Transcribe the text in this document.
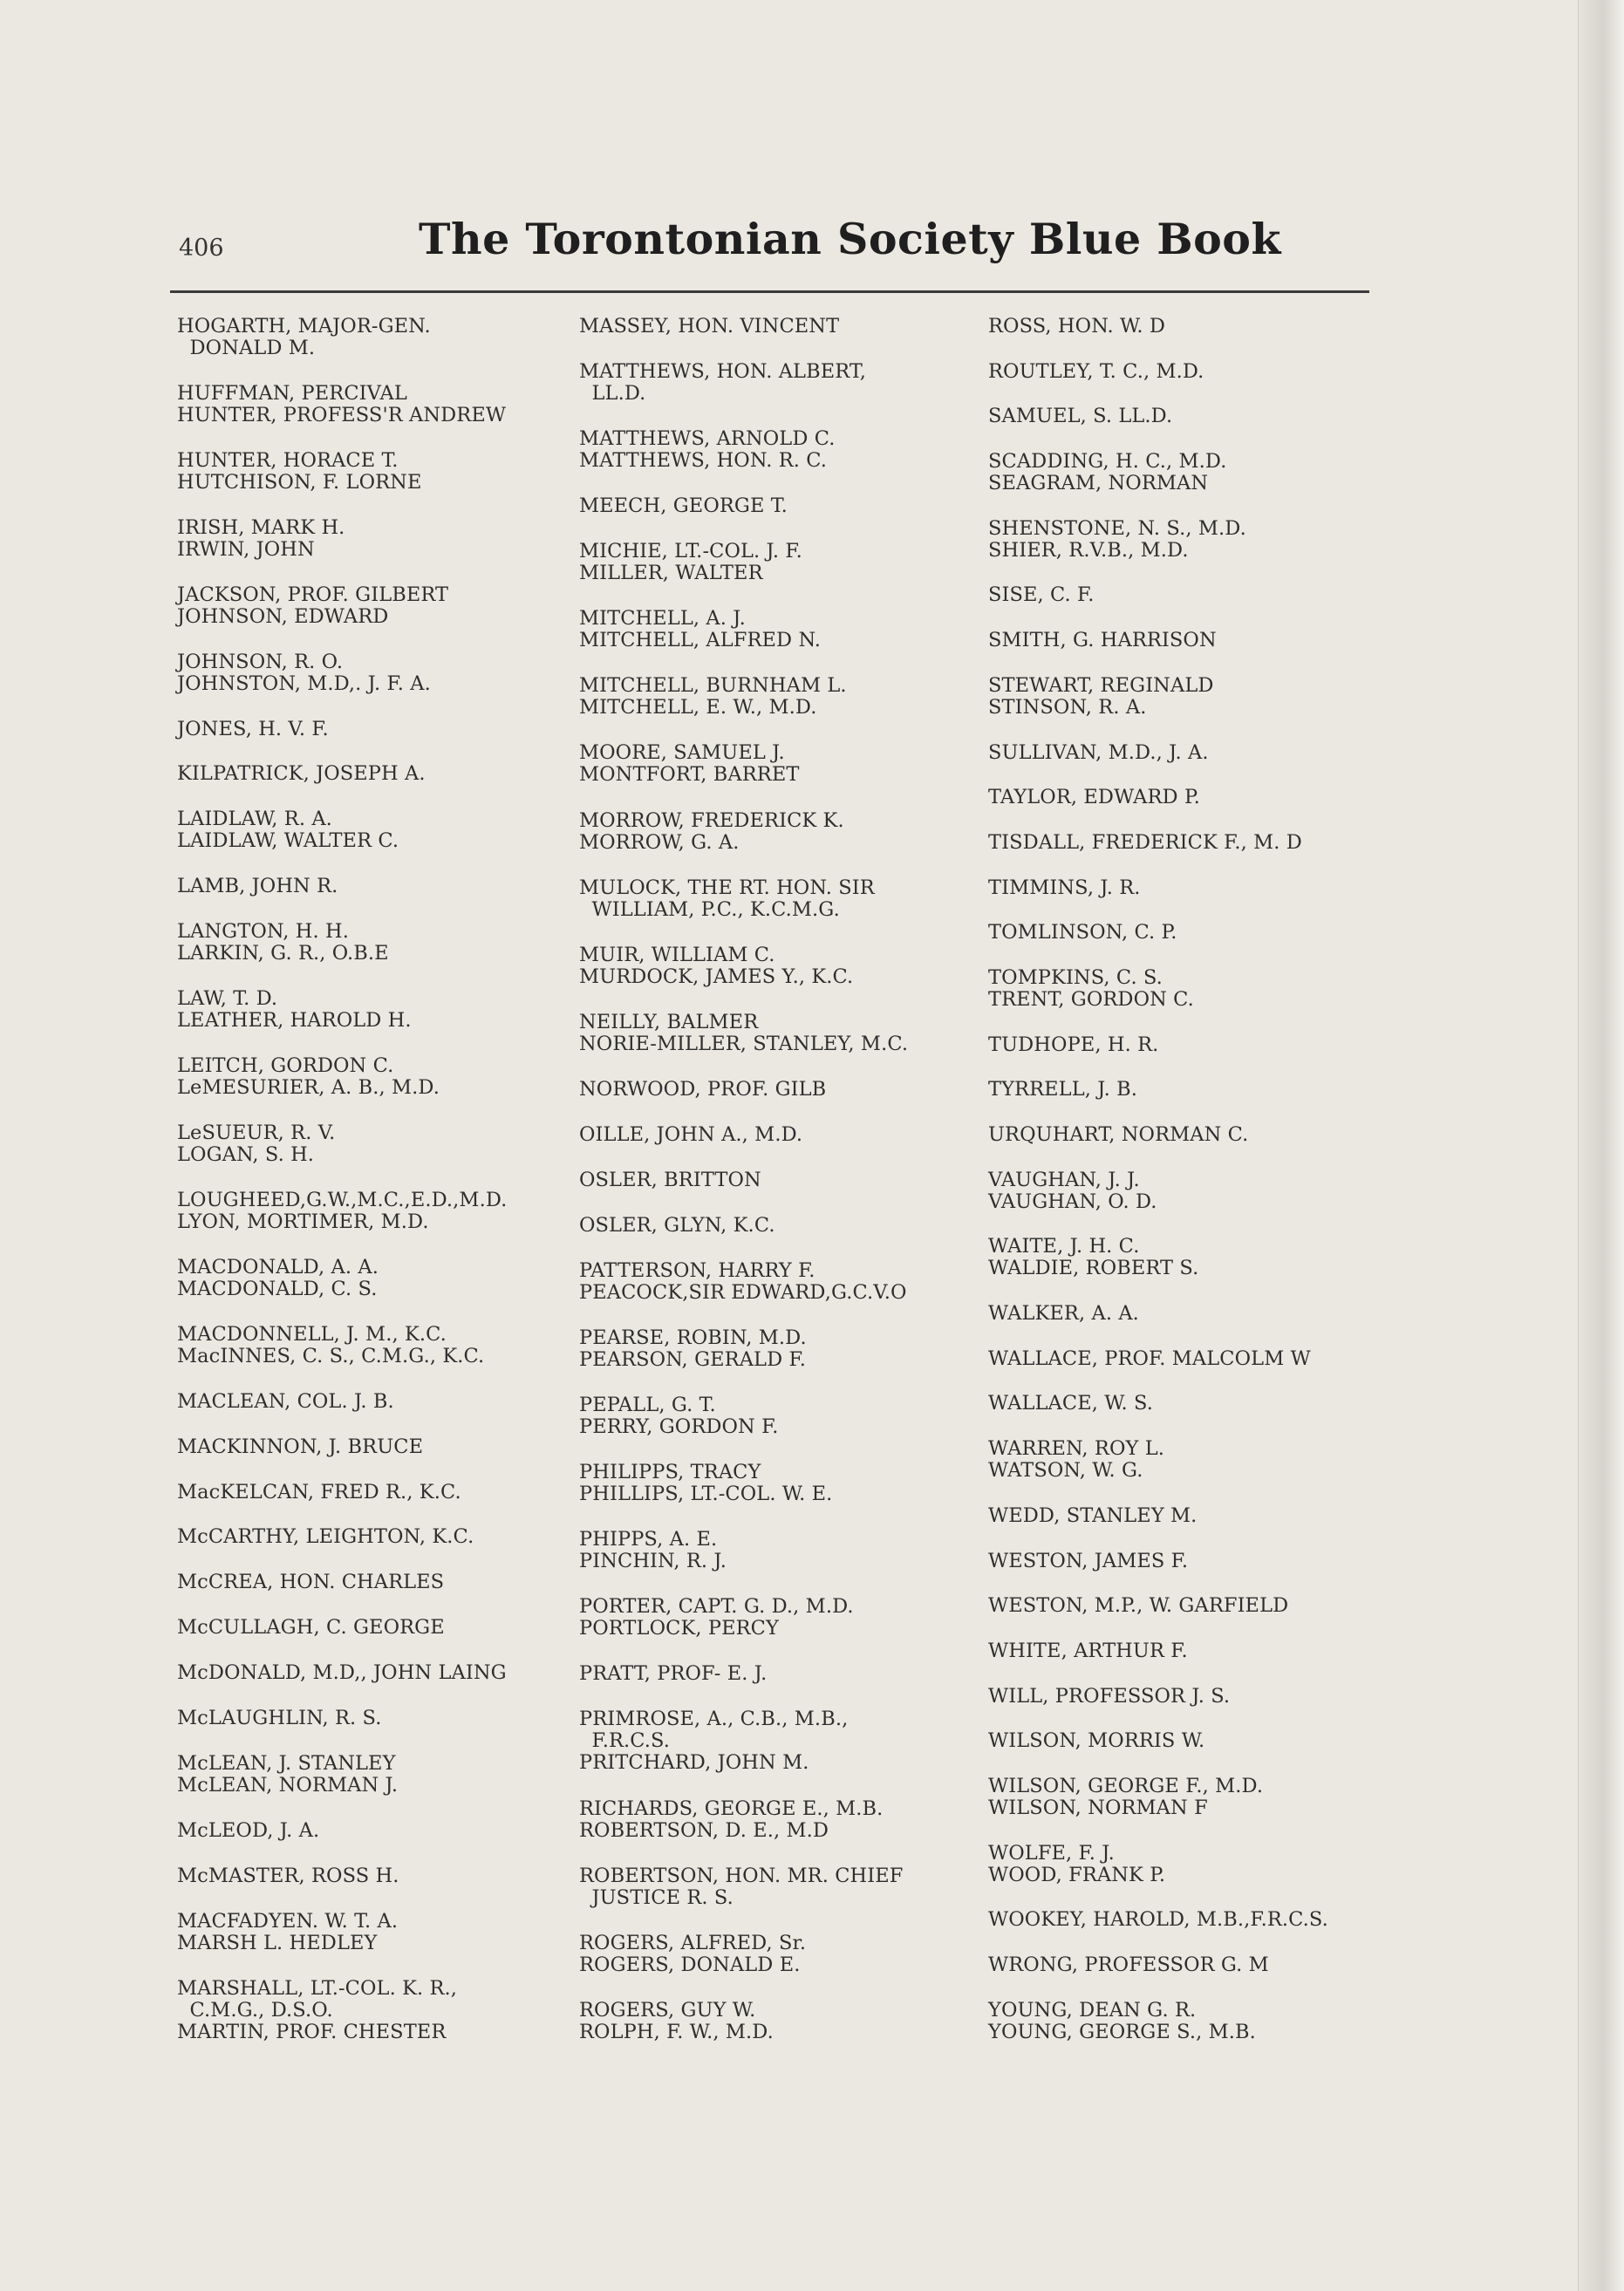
406	The Torontonian Society Blue Book
HOGARTH, MAJOR-GEN.
DONALD M.
HUFFMAN, PERCIVAL
HUNTER, PROFESS'R ANDREW
HUNTER, HORACE T.
HUTCHISON, F. LORNE
IRISH, MARK H.
IRWIN, JOHN
JACKSON, PROF. GILBERT
JOHNSON, EDWARD
JOHNSON, R. O.
JOHNSTON, M.D,. J. F. A.
JONES, H. V. F.
KILPATRICK, JOSEPH A.
LAIDLAW, R. A.
LAIDLAW, WALTER C.
LAMB, JOHN R.
LANGTON, H. H.
LARKIN, G. R., O.B.E
LAW, T. D.
LEATHER, HAROLD H.
LEITCH, GORDON C.
LeMESURIER, A. B., M.D.
LeSUEUR, R. V.
LOGAN, S. H.
LOUGHEED,G.W.,M.C.,E.D.,M.D.
LYON, MORTIMER, M.D.
MACDONALD, A. A.
MACDONALD, C. S.
MACDONNELL, J. M., K.C.
MacINNES, C. S., C.M.G., K.C.
MACLEAN, COL. J. B.
MACKINNON, J. BRUCE
MacKELCAN, FRED R., K.C.
McCARTHY, LEIGHTON, K.C.
McCREA, HON. CHARLES
McCULLAGH, C. GEORGE
McDONALD, M.D,, JOHN LAING
McLAUGHLIN, R. S.
McLEAN, J. STANLEY
McLEAN, NORMAN J.
McLEOD, J. A.
McMASTER, ROSS H.
MACFADYEN. W. T. A.
MARSH L. HEDLEY
MARSHALL, LT.-COL. K. R.,
C.M.G., D.S.O.
MARTIN, PROF. CHESTER
MASSEY, HON. VINCENT
MATTHEWS, HON. ALBERT,
LL.D.
MATTHEWS, ARNOLD C.
MATTHEWS, HON. R. C.
MEECH, GEORGE T.
MICHIE, LT.-COL. J. F.
MILLER, WALTER
MITCHELL, A. J.
MITCHELL, ALFRED N.
MITCHELL, BURNHAM L.
MITCHELL, E. W., M.D.
MOORE, SAMUEL J.
MONTFORT, BARRET
MORROW, FREDERICK K.
MORROW, G. A.
MULOCK, THE RT. HON. SIR
WILLIAM, P.C., K.C.M.G.
MUIR, WILLIAM C.
MURDOCK, JAMES Y., K.C.
NEILLY, BALMER
NORIE-MILLER, STANLEY, M.C.
NORWOOD, PROF. GILB
OILLE, JOHN A., M.D.
OSLER, BRITTON
OSLER, GLYN, K.C.
PATTERSON, HARRY F.
PEACOCK,SIR EDWARD,G.C.V.O
PEARSE, ROBIN, M.D.
PEARSON, GERALD F.
PEPALL, G. T.
PERRY, GORDON F.
PHILIPPS, TRACY
PHILLIPS, LT.-COL. W. E.
PHIPPS, A. E.
PINCHIN, R. J.
PORTER, CAPT. G. D., M.D.
PORTLOCK, PERCY
PRATT, PROF- E. J.
PRIMROSE, A., C.B., M.B.,
F.R.C.S.
PRITCHARD, JOHN M.
RICHARDS, GEORGE E., M.B.
ROBERTSON, D. E., M.D
ROBERTSON, HON. MR. CHIEF
JUSTICE R. S.
ROGERS, ALFRED, Sr.
ROGERS, DONALD E.
ROGERS, GUY W.
ROLPH, F. W., M.D.
ROSS, HON. W. D
ROUTLEY, T. C., M.D.
SAMUEL, S. LL.D.
SCADDING, H. C., M.D.
SEAGRAM, NORMAN
SHENSTONE, N. S., M.D.
SHIER, R.V.B., M.D.
SISE, C. F.
SMITH, G. HARRISON
STEWART, REGINALD
STINSON, R. A.
SULLIVAN, M.D., J. A.
TAYLOR, EDWARD P.
TISDALL, FREDERICK F., M. D
TIMMINS, J. R.
TOMLINSON, C. P.
TOMPKINS, C. S.
TRENT, GORDON C.
TUDHOPE, H. R.
TYRRELL, J. B.
URQUHART, NORMAN C.
VAUGHAN, J. J.
VAUGHAN, O. D.
WAITE, J. H. C.
WALDIE, ROBERT S.
WALKER, A. A.
WALLACE, PROF. MALCOLM W
WALLACE, W. S.
WARREN, ROY L.
WATSON, W. G.
WEDD, STANLEY M.
WESTON, JAMES F.
WESTON, M.P., W. GARFIELD
WHITE, ARTHUR F.
WILL, PROFESSOR J. S.
WILSON, MORRIS W.
WILSON, GEORGE F., M.D.
WILSON, NORMAN F
WOLFE, F. J.
WOOD, FRANK P.
WOOKEY, HAROLD, M.B.,F.R.C.S.
WRONG, PROFESSOR G. M
YOUNG, DEAN G. R.
YOUNG, GEORGE S., M.B.
